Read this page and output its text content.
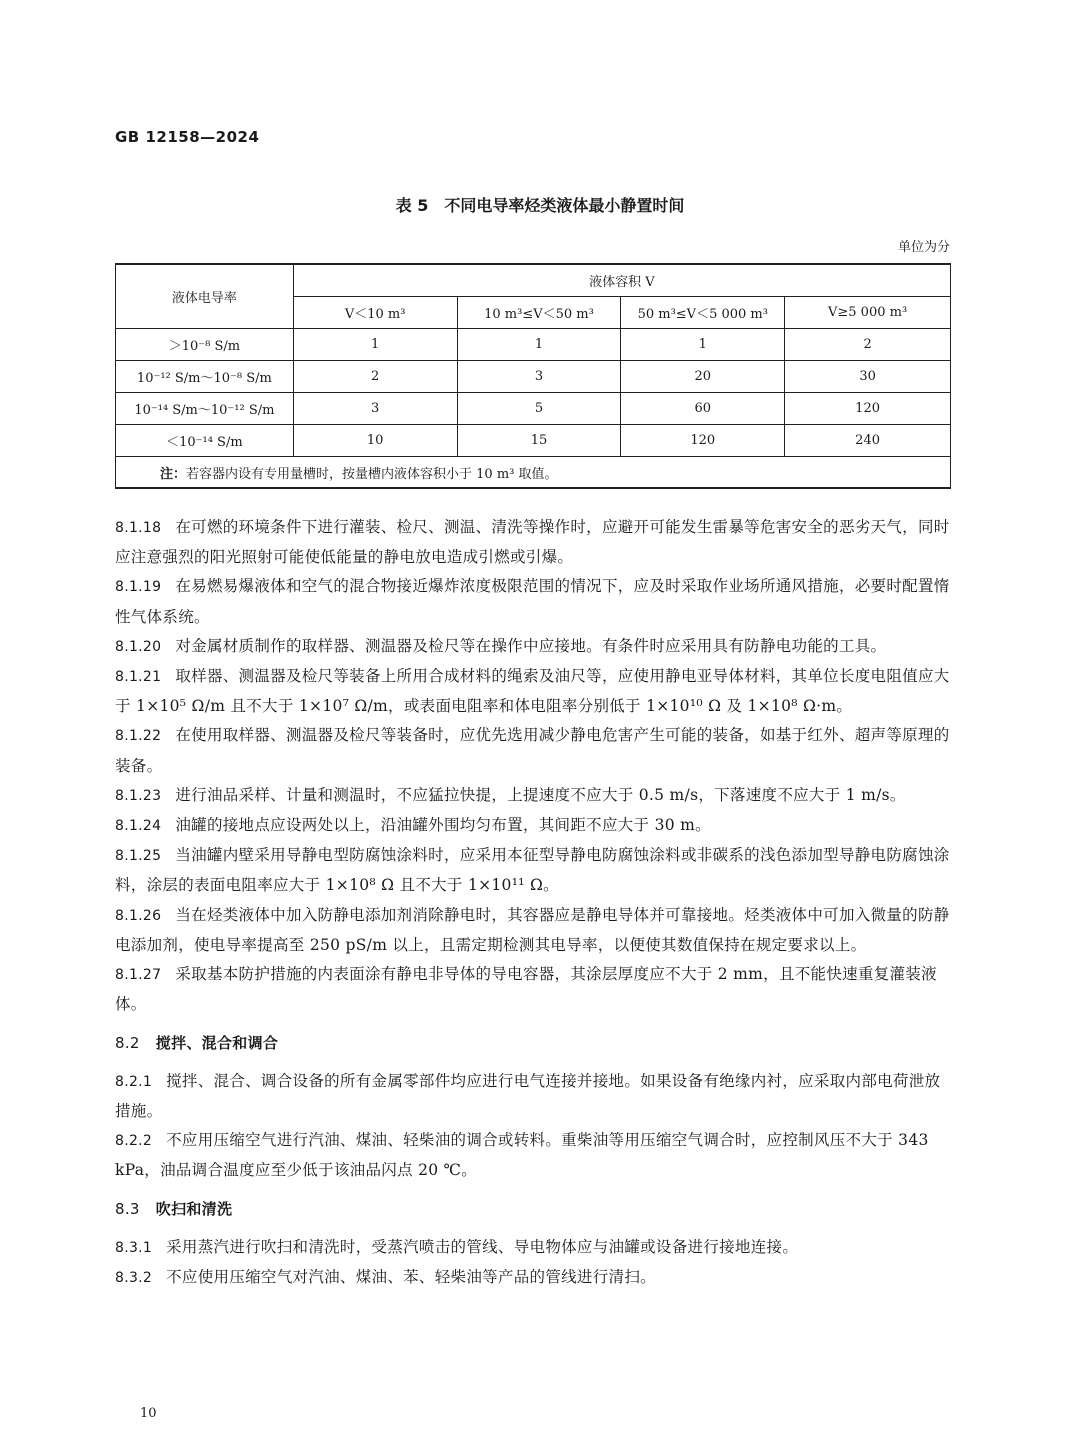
GB 12158—2024
表 5　不同电导率烃类液体最小静置时间
单位为分
液体电导率	液体容积 V			
	V＜10 m³	10 m³≤V＜50 m³	50 m³≤V＜5 000 m³	V≥5 000 m³
＞10⁻⁸ S/m	1	1	1	2
10⁻¹² S/m～10⁻⁸ S/m	2	3	20	30
10⁻¹⁴ S/m～10⁻¹² S/m	3	5	60	120
＜10⁻¹⁴ S/m	10	15	120	240
注：若容器内设有专用量槽时，按量槽内液体容积小于 10 m³ 取值。				

8.1.18 在可燃的环境条件下进行灌装、检尺、测温、清洗等操作时，应避开可能发生雷暴等危害安全的恶劣天气，同时应注意强烈的阳光照射可能使低能量的静电放电造成引燃或引爆。

8.1.19 在易燃易爆液体和空气的混合物接近爆炸浓度极限范围的情况下，应及时采取作业场所通风措施，必要时配置惰性气体系统。

8.1.20 对金属材质制作的取样器、测温器及检尺等在操作中应接地。有条件时应采用具有防静电功能的工具。

8.1.21 取样器、测温器及检尺等装备上所用合成材料的绳索及油尺等，应使用静电亚导体材料，其单位长度电阻值应大于 1×10⁵ Ω/m 且不大于 1×10⁷ Ω/m，或表面电阻率和体电阻率分别低于 1×10¹⁰ Ω 及 1×10⁸ Ω·m。

8.1.22 在使用取样器、测温器及检尺等装备时，应优先选用减少静电危害产生可能的装备，如基于红外、超声等原理的装备。

8.1.23 进行油品采样、计量和测温时，不应猛拉快提，上提速度不应大于 0.5 m/s，下落速度不应大于 1 m/s。

8.1.24 油罐的接地点应设两处以上，沿油罐外围均匀布置，其间距不应大于 30 m。

8.1.25 当油罐内壁采用导静电型防腐蚀涂料时，应采用本征型导静电防腐蚀涂料或非碳系的浅色添加型导静电防腐蚀涂料，涂层的表面电阻率应大于 1×10⁸ Ω 且不大于 1×10¹¹ Ω。

8.1.26 当在烃类液体中加入防静电添加剂消除静电时，其容器应是静电导体并可靠接地。烃类液体中可加入微量的防静电添加剂，使电导率提高至 250 pS/m 以上，且需定期检测其电导率，以便使其数值保持在规定要求以上。

8.1.27 采取基本防护措施的内表面涂有静电非导体的导电容器，其涂层厚度应不大于 2 mm，且不能快速重复灌装液体。

8.2 搅拌、混合和调合

8.2.1 搅拌、混合、调合设备的所有金属零部件均应进行电气连接并接地。如果设备有绝缘内衬，应采取内部电荷泄放措施。

8.2.2 不应用压缩空气进行汽油、煤油、轻柴油的调合或转料。重柴油等用压缩空气调合时，应控制风压不大于 343 kPa，油品调合温度应至少低于该油品闪点 20 ℃。

8.3 吹扫和清洗

8.3.1 采用蒸汽进行吹扫和清洗时，受蒸汽喷击的管线、导电物体应与油罐或设备进行接地连接。

8.3.2 不应使用压缩空气对汽油、煤油、苯、轻柴油等产品的管线进行清扫。

10
